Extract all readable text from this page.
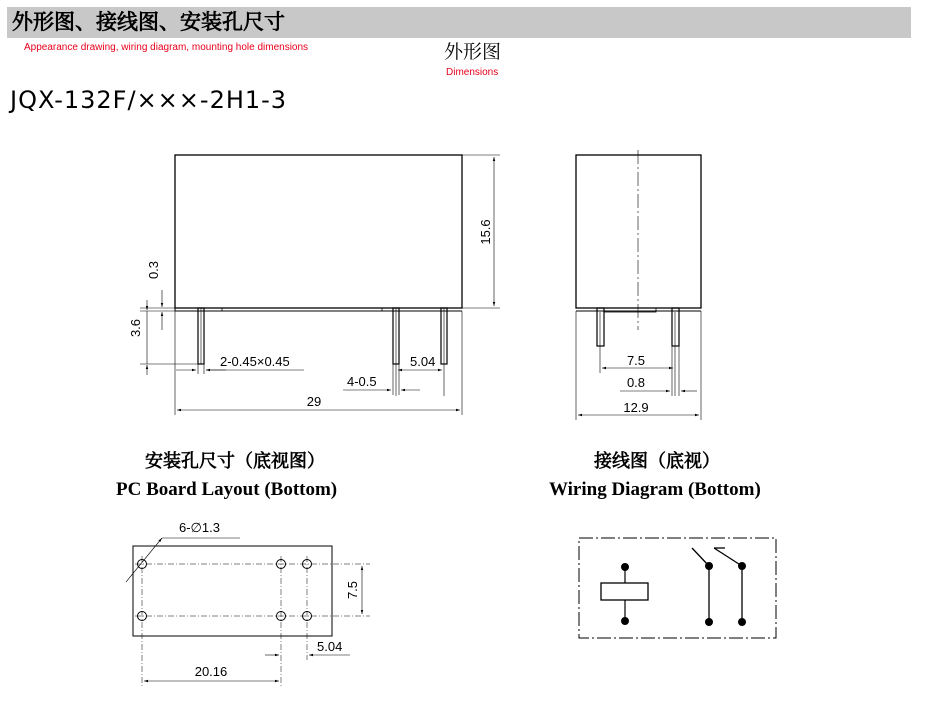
外形图、接线图、安装孔尺寸
Appearance drawing, wiring diagram, mounting hole dimensions	外形图
Dimensions
JQX-132F/×××-2H1-3
安装孔尺寸（底视图）
PC Board Layout (Bottom)
接线图（底视）
Wiring Diagram (Bottom)
15.6
0.3
3.6
2-0.45×0.45	5.04
4-0.5
29
7.5
0.8
12.9
6-∅1.3
7.5
5.04
20.16
